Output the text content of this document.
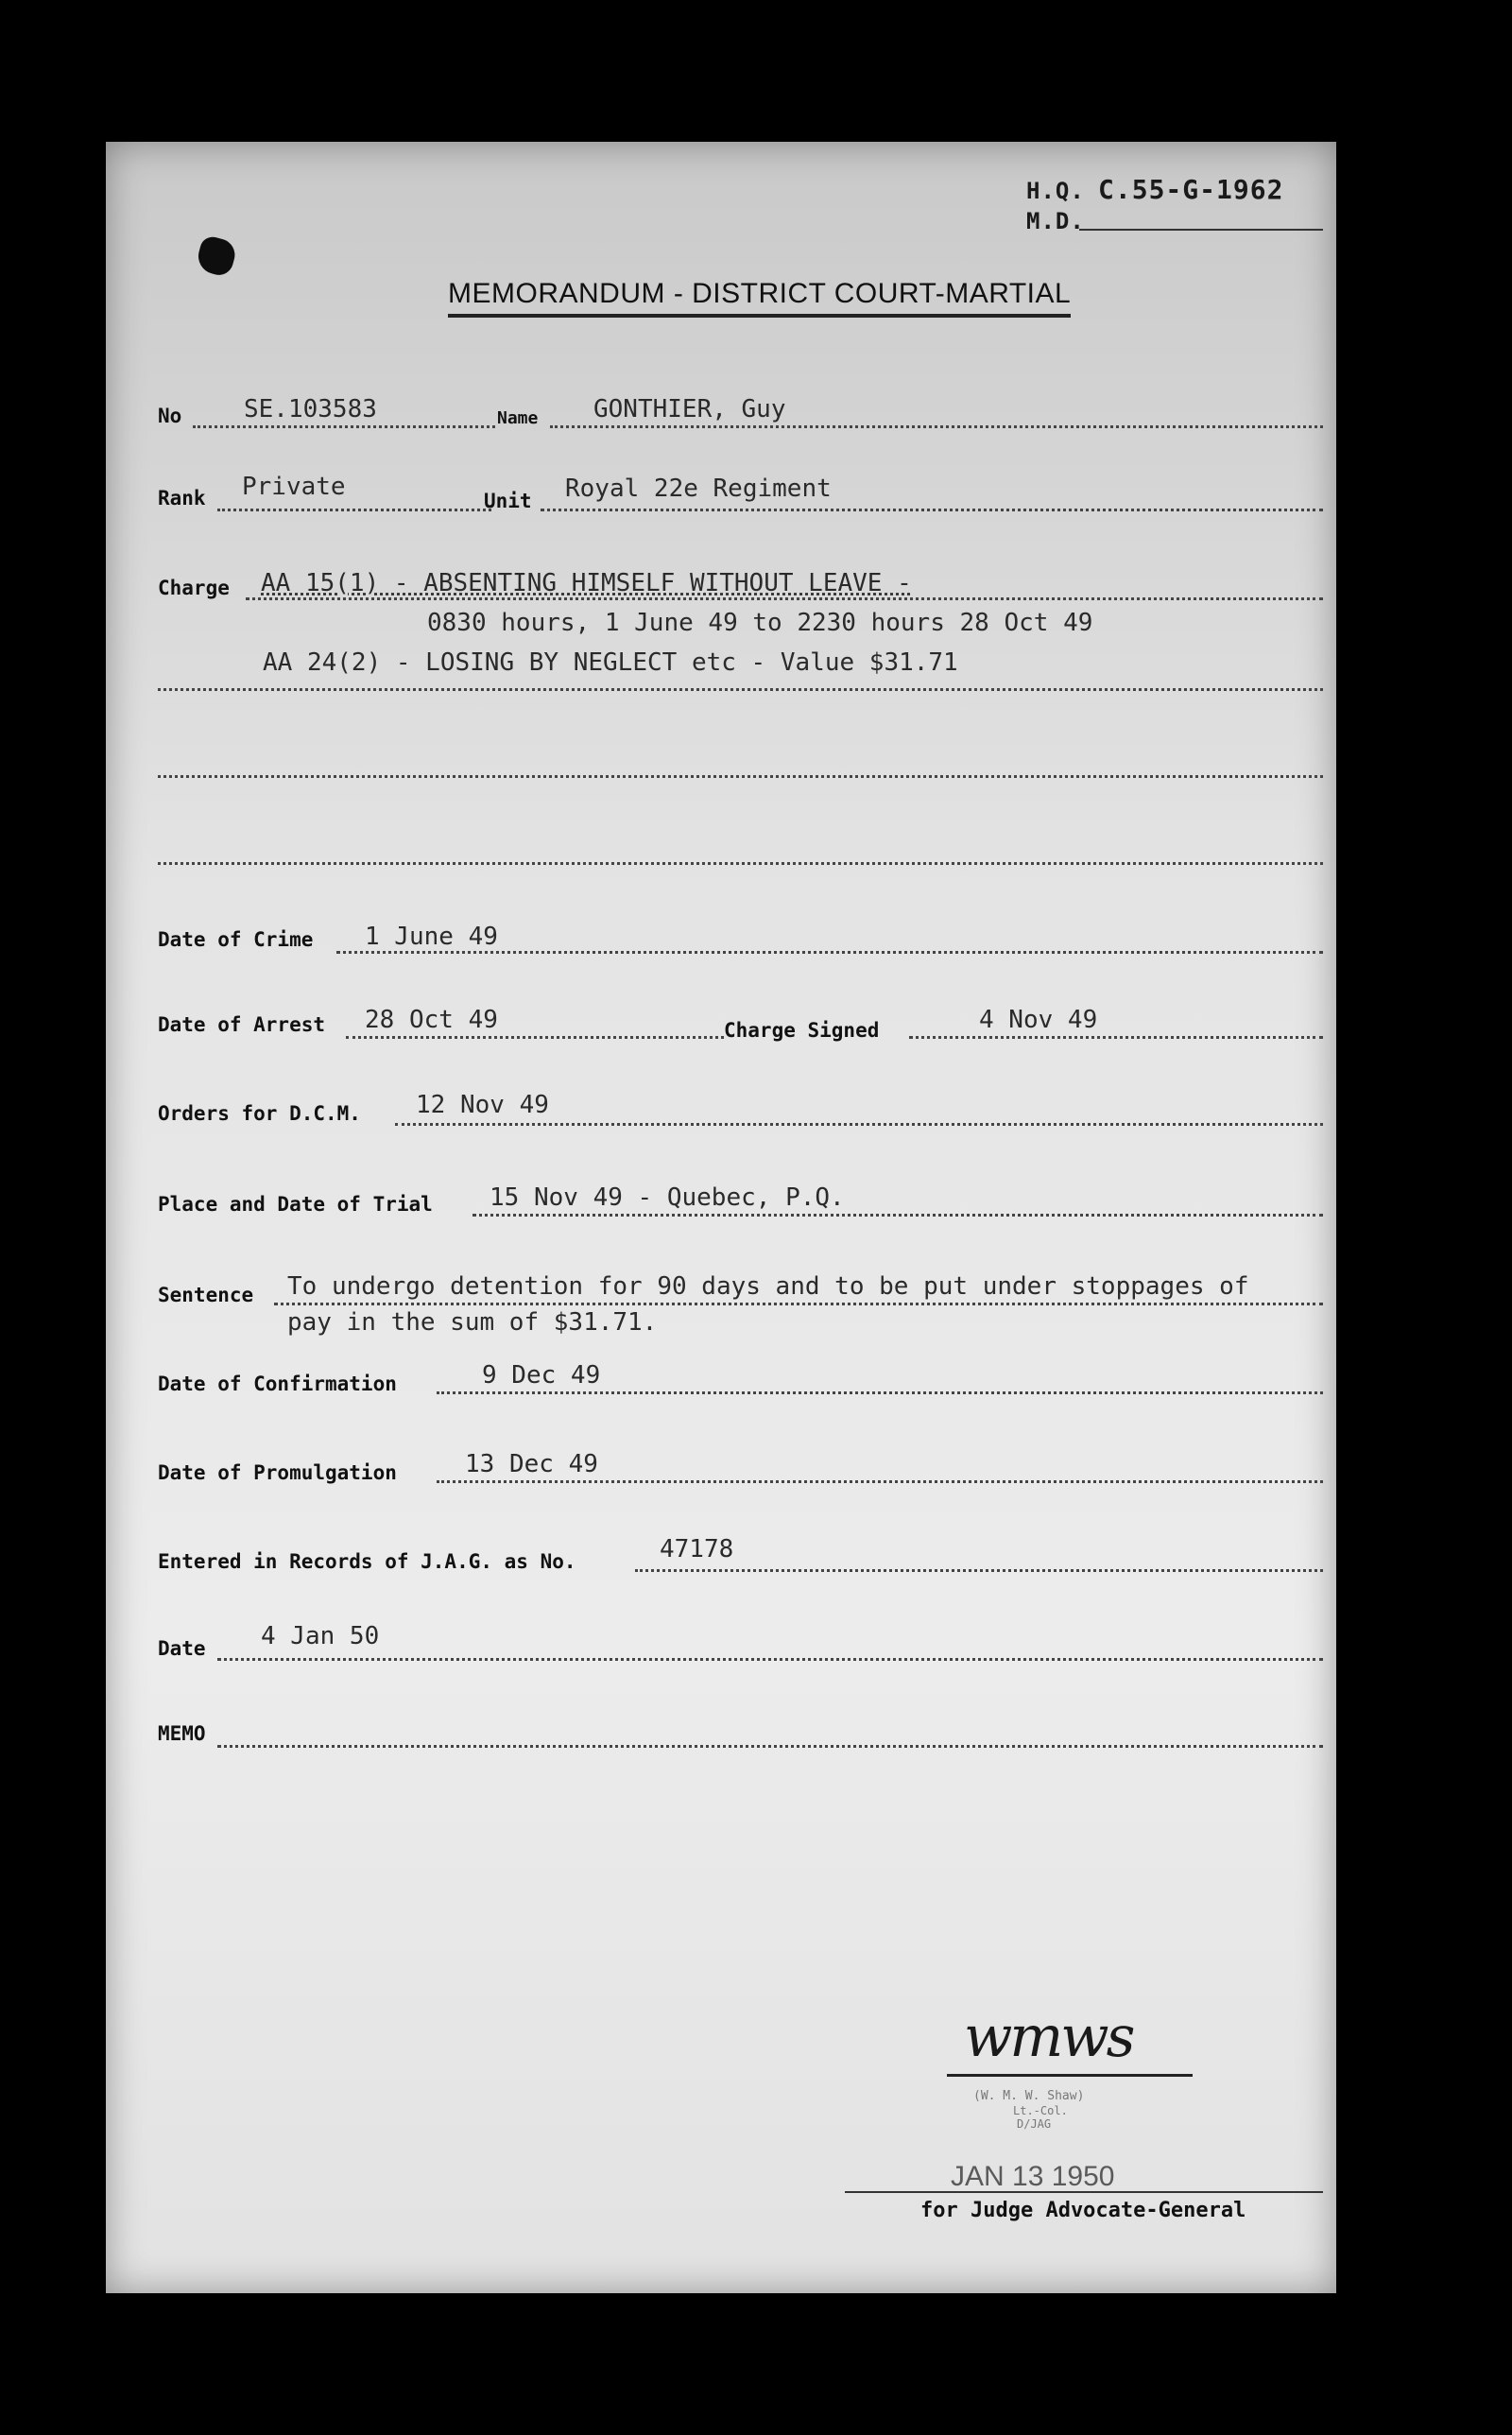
H.Q. C.55-G-1962
M.D.
MEMORANDUM - DISTRICT COURT-MARTIAL
No	SE.103583	Name GONTHIER, Guy
Rank Private	Unit Royal 22e Regiment
Charge AA 15(1) - ABSENTING HIMSELF WITHOUT LEAVE -
0830 hours, 1 June 49 to 2230 hours 28 Oct 49
AA 24(2) - LOSING BY NEGLECT etc - Value $31.71
Date of Crime 1 June 49
Date of Arrest 28 Oct 49	Charge Signed	4 Nov 49
Orders for D.C.M. 12 Nov 49
Place and Date of Trial 15 Nov 49 - Quebec, P.Q.
Sentence To undergo detention for 90 days and to be put under stoppages of
pay in the sum of $31.71.
Date of Confirmation	9 Dec 49
Date of Promulgation	13 Dec 49
Entered in Records of J.A.G. as No.	47178
Date 4 Jan 50
MEMO
wmws
(W. M. W. Shaw)
Lt.-Col.
D/JAG
JAN 13 1950
for Judge Advocate-General
